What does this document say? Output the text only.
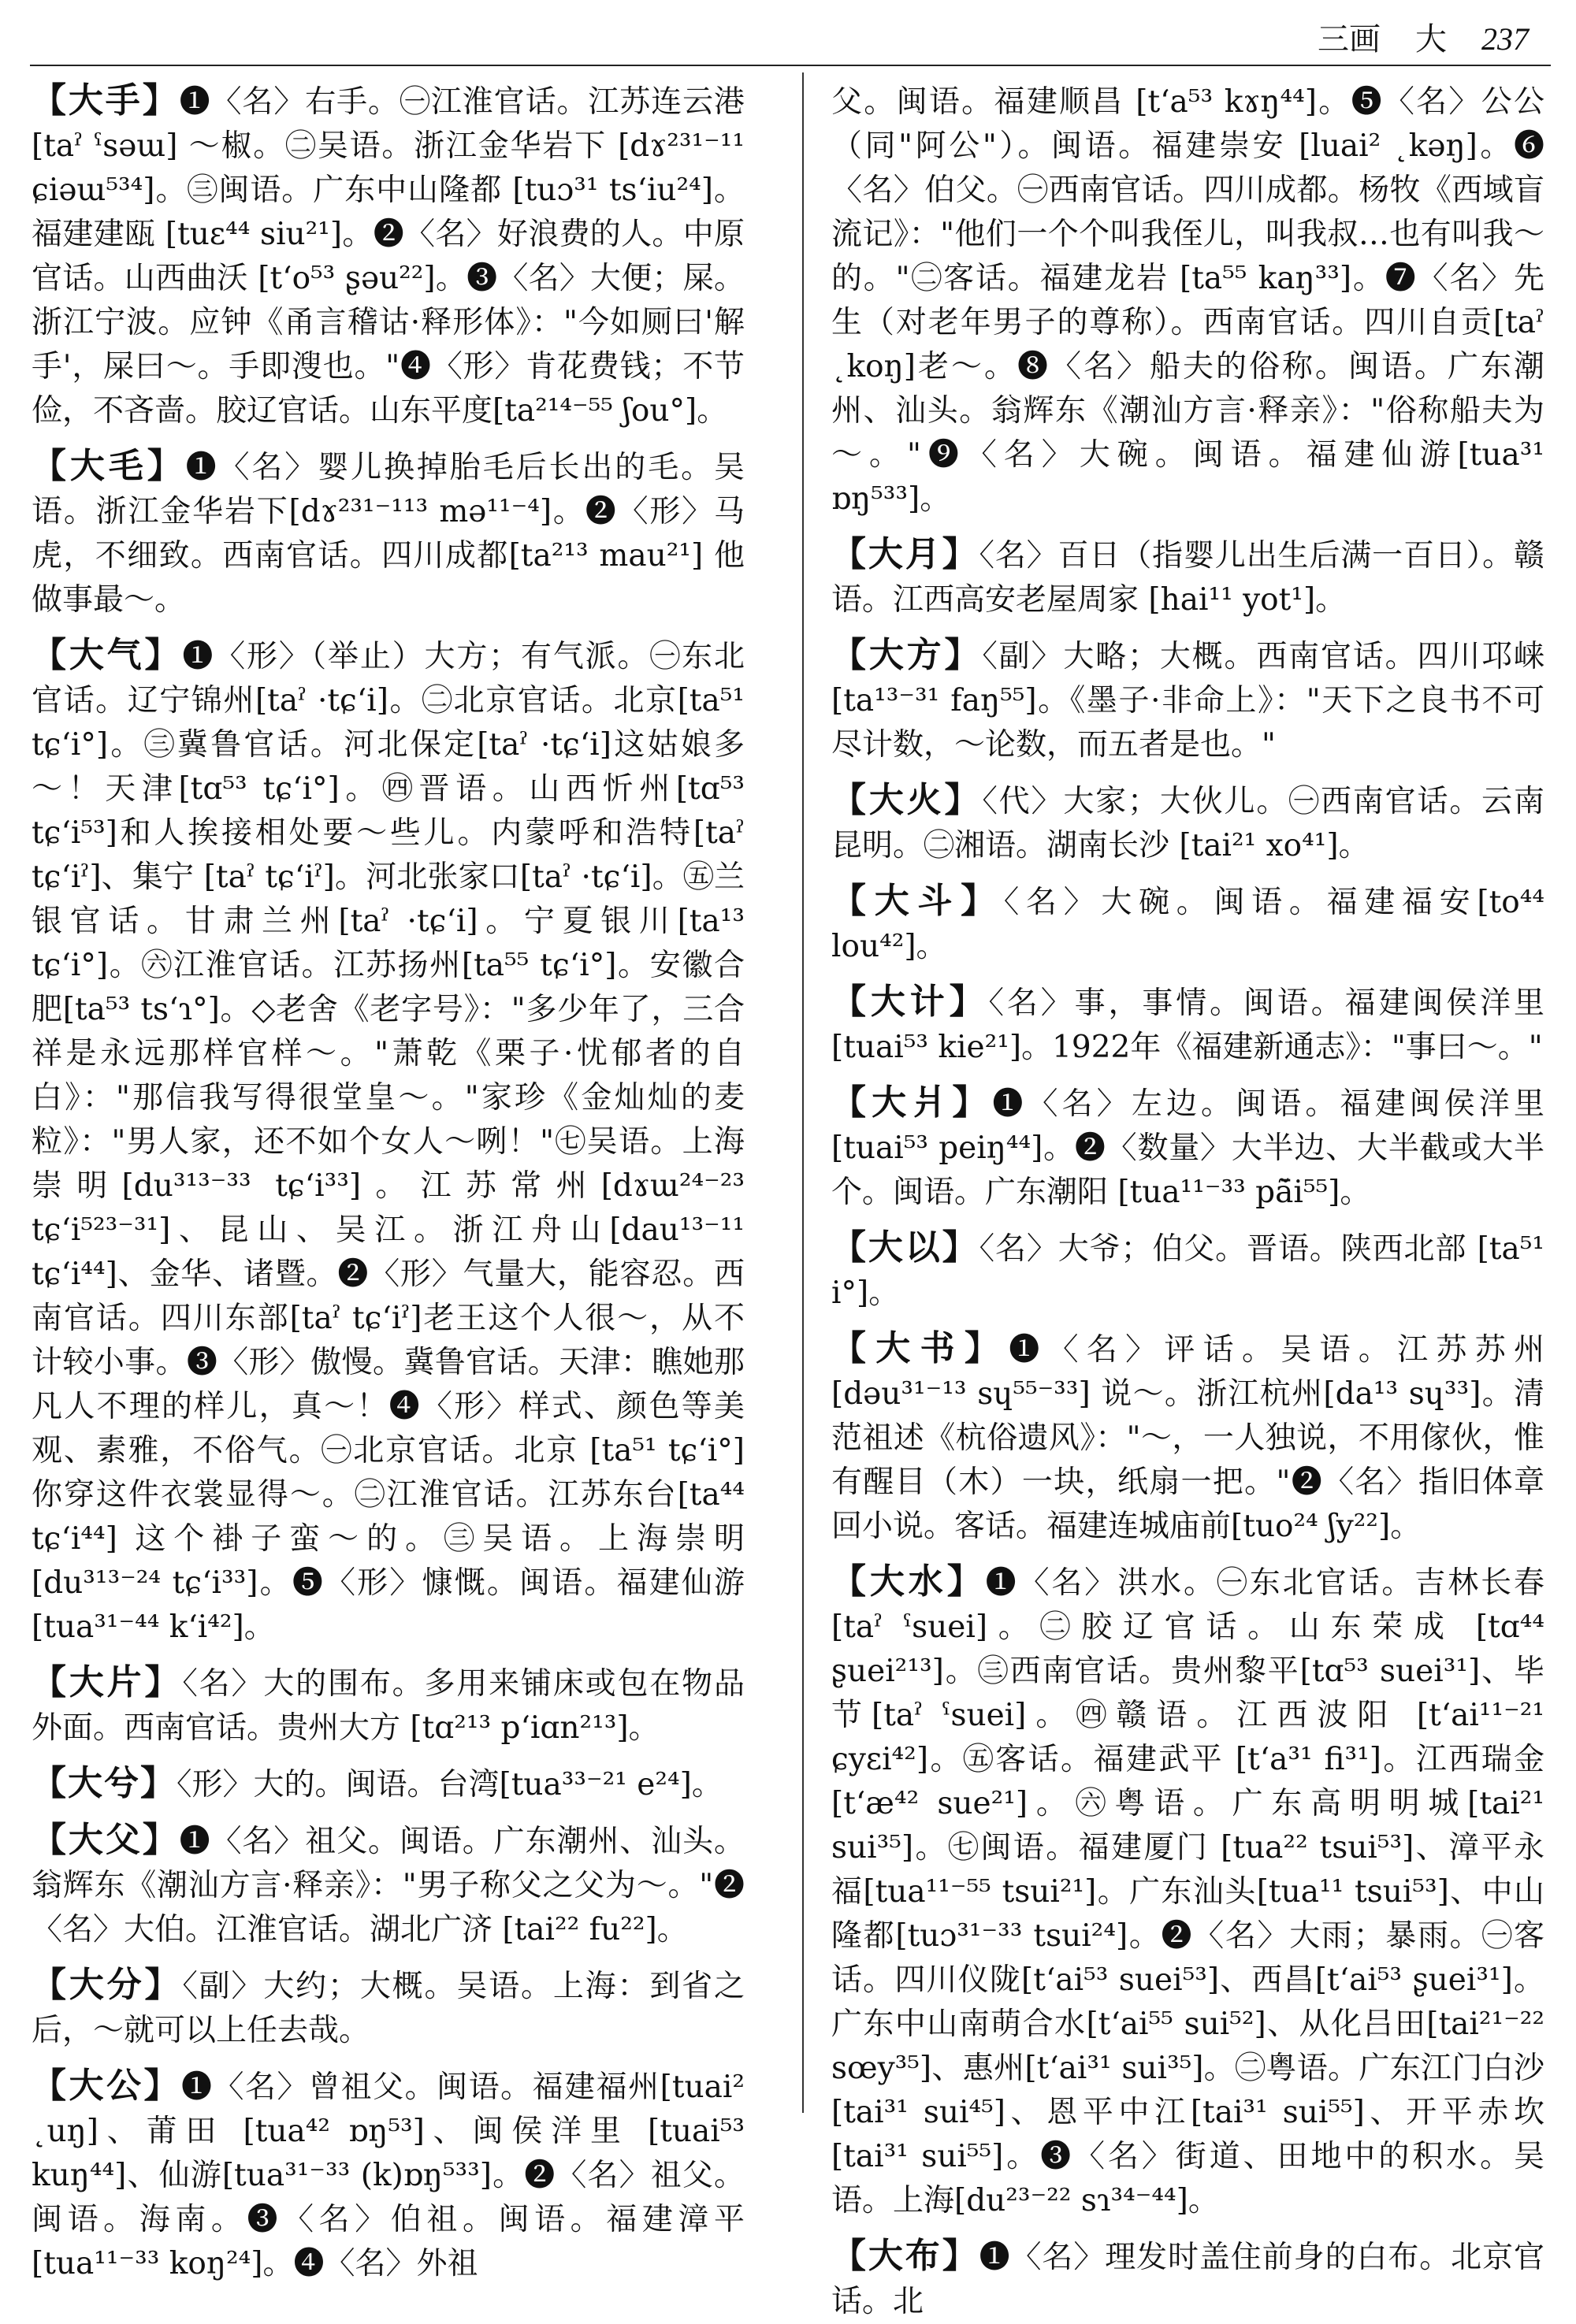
三画 大 237

【大手】❶〈名〉右手。㊀江淮官话。江苏连云港[taˀ ˤsəɯ] ～椒。㊁吴语。浙江金华岩下 [dɤ²³¹⁻¹¹ ɕiəɯ⁵³⁴]。㊂闽语。广东中山隆都 [tuɔ³¹ tsʻiu²⁴]。福建建瓯 [tuɛ⁴⁴ siu²¹]。❷〈名〉好浪费的人。中原官话。山西曲沃 [tʻo⁵³ ʂəu²²]。❸〈名〉大便；屎。浙江宁波。应钟《甬言稽诂·释形体》："今如厕曰'解手'，屎曰～。手即溲也。"❹〈形〉肯花费钱；不节俭，不吝啬。胶辽官话。山东平度[ta²¹⁴⁻⁵⁵ ʃou°]。

【大毛】❶〈名〉婴儿换掉胎毛后长出的毛。吴语。浙江金华岩下[dɤ²³¹⁻¹¹³ mə¹¹⁻⁴]。❷〈形〉马虎，不细致。西南官话。四川成都[ta²¹³ mau²¹] 他做事最～。

【大气】❶〈形〉（举止）大方；有气派。㊀东北官话。辽宁锦州[taˀ ·tɕʻi]。㊁北京官话。北京[ta⁵¹ tɕʻi°]。㊂冀鲁官话。河北保定[taˀ ·tɕʻi]这姑娘多～！天津[tɑ⁵³ tɕʻi°]。㊃晋语。山西忻州[tɑ⁵³ tɕʻi⁵³]和人挨接相处要～些儿。内蒙呼和浩特[taˀ tɕʻiˀ]、集宁 [taˀ tɕʻiˀ]。河北张家口[taˀ ·tɕʻi]。㊄兰银官话。甘肃兰州[taˀ ·tɕʻi]。宁夏银川[ta¹³ tɕʻi°]。㊅江淮官话。江苏扬州[ta⁵⁵ tɕʻi°]。安徽合肥[ta⁵³ tsʻɿ°]。◇老舍《老字号》："多少年了，三合祥是永远那样官样～。"萧乾《栗子·忧郁者的自白》："那信我写得很堂皇～。"家珍《金灿灿的麦粒》："男人家，还不如个女人～咧！"㊆吴语。上海崇明[du³¹³⁻³³ tɕʻi³³]。江苏常州[dɤɯ²⁴⁻²³ tɕʻi⁵²³⁻³¹]、昆山、吴江。浙江舟山[dau¹³⁻¹¹ tɕʻi⁴⁴]、金华、诸暨。❷〈形〉气量大，能容忍。西南官话。四川东部[taˀ tɕʻiˀ]老王这个人很～，从不计较小事。❸〈形〉傲慢。冀鲁官话。天津：瞧她那凡人不理的样儿，真～！❹〈形〉样式、颜色等美观、素雅，不俗气。㊀北京官话。北京 [ta⁵¹ tɕʻi°] 你穿这件衣裳显得～。㊁江淮官话。江苏东台[ta⁴⁴ tɕʻi⁴⁴] 这个褂子蛮～的。㊂吴语。上海崇明[du³¹³⁻²⁴ tɕʻi³³]。❺〈形〉慷慨。闽语。福建仙游[tua³¹⁻⁴⁴ kʻi⁴²]。

【大片】〈名〉大的围布。多用来铺床或包在物品外面。西南官话。贵州大方 [tɑ²¹³ pʻiɑn²¹³]。

【大兮】〈形〉大的。闽语。台湾[tua³³⁻²¹ e²⁴]。

【大父】❶〈名〉祖父。闽语。广东潮州、汕头。翁辉东《潮汕方言·释亲》："男子称父之父为～。"❷〈名〉大伯。江淮官话。湖北广济 [tai²² fu²²]。

【大分】〈副〉大约；大概。吴语。上海：到省之后，～就可以上任去哉。

【大公】❶〈名〉曾祖父。闽语。福建福州[tuai² ˛uŋ]、莆田 [tua⁴² ɒŋ⁵³]、闽侯洋里 [tuai⁵³ kuŋ⁴⁴]、仙游[tua³¹⁻³³ (k)ɒŋ⁵³³]。❷〈名〉祖父。闽语。海南。❸〈名〉伯祖。闽语。福建漳平[tua¹¹⁻³³ koŋ²⁴]。❹〈名〉外祖

父。闽语。福建顺昌 [tʻa⁵³ kɤŋ⁴⁴]。❺〈名〉公公（同"阿公"）。闽语。福建崇安 [luai² ˛kəŋ]。❻〈名〉伯父。㊀西南官话。四川成都。杨牧《西域盲流记》："他们一个个叫我侄儿，叫我叔…也有叫我～的。"㊁客话。福建龙岩 [ta⁵⁵ kaŋ³³]。❼〈名〉先生（对老年男子的尊称）。西南官话。四川自贡[taˀ ˛koŋ]老～。❽〈名〉船夫的俗称。闽语。广东潮州、汕头。翁辉东《潮汕方言·释亲》："俗称船夫为～。"❾〈名〉大碗。闽语。福建仙游[tua³¹ ɒŋ⁵³³]。

【大月】〈名〉百日（指婴儿出生后满一百日）。赣语。江西高安老屋周家 [hai¹¹ yot¹]。

【大方】〈副〉大略；大概。西南官话。四川邛崃 [ta¹³⁻³¹ faŋ⁵⁵]。《墨子·非命上》："天下之良书不可尽计数，～论数，而五者是也。"

【大火】〈代〉大家；大伙儿。㊀西南官话。云南昆明。㊁湘语。湖南长沙 [tai²¹ xo⁴¹]。

【大斗】〈名〉大碗。闽语。福建福安[to⁴⁴ lou⁴²]。

【大计】〈名〉事，事情。闽语。福建闽侯洋里 [tuai⁵³ kie²¹]。1922年《福建新通志》："事曰～。"

【大爿】❶〈名〉左边。闽语。福建闽侯洋里 [tuai⁵³ peiŋ⁴⁴]。❷〈数量〉大半边、大半截或大半个。闽语。广东潮阳 [tua¹¹⁻³³ pã̄i⁵⁵]。

【大以】〈名〉大爷；伯父。晋语。陕西北部 [ta⁵¹ i°]。

【大书】❶〈名〉评话。吴语。江苏苏州 [dəu³¹⁻¹³ sɥ⁵⁵⁻³³] 说～。浙江杭州[da¹³ sɥ³³]。清范祖述《杭俗遗风》："～，一人独说，不用傢伙，惟有醒目（木）一块，纸扇一把。"❷〈名〉指旧体章回小说。客话。福建连城庙前[tuo²⁴ ʃy²²]。

【大水】❶〈名〉洪水。㊀东北官话。吉林长春 [taˀ ˤsuei]。㊁胶辽官话。山东荣成 [tɑ⁴⁴ ʂuei²¹³]。㊂西南官话。贵州黎平[tɑ⁵³ suei³¹]、毕节[taˀ ˤsuei]。㊃赣语。江西波阳 [tʻai¹¹⁻²¹ ɕyɛi⁴²]。㊄客话。福建武平 [tʻa³¹ fi³¹]。江西瑞金 [tʻæ⁴² sue²¹]。㊅粤语。广东高明明城[tai²¹ sui³⁵]。㊆闽语。福建厦门 [tua²² tsui⁵³]、漳平永福[tua¹¹⁻⁵⁵ tsui²¹]。广东汕头[tua¹¹ tsui⁵³]、中山隆都[tuɔ³¹⁻³³ tsui²⁴]。❷〈名〉大雨；暴雨。㊀客话。四川仪陇[tʻai⁵³ suei⁵³]、西昌[tʻai⁵³ ʂuei³¹]。广东中山南萌合水[tʻai⁵⁵ sui⁵²]、从化吕田[tai²¹⁻²² sœy³⁵]、惠州[tʻai³¹ sui³⁵]。㊁粤语。广东江门白沙[tai³¹ sui⁴⁵]、恩平中江[tai³¹ sui⁵⁵]、开平赤坎 [tai³¹ sui⁵⁵]。❸〈名〉街道、田地中的积水。吴语。上海[du²³⁻²² sɿ³⁴⁻⁴⁴]。

【大布】❶〈名〉理发时盖住前身的白布。北京官话。北
